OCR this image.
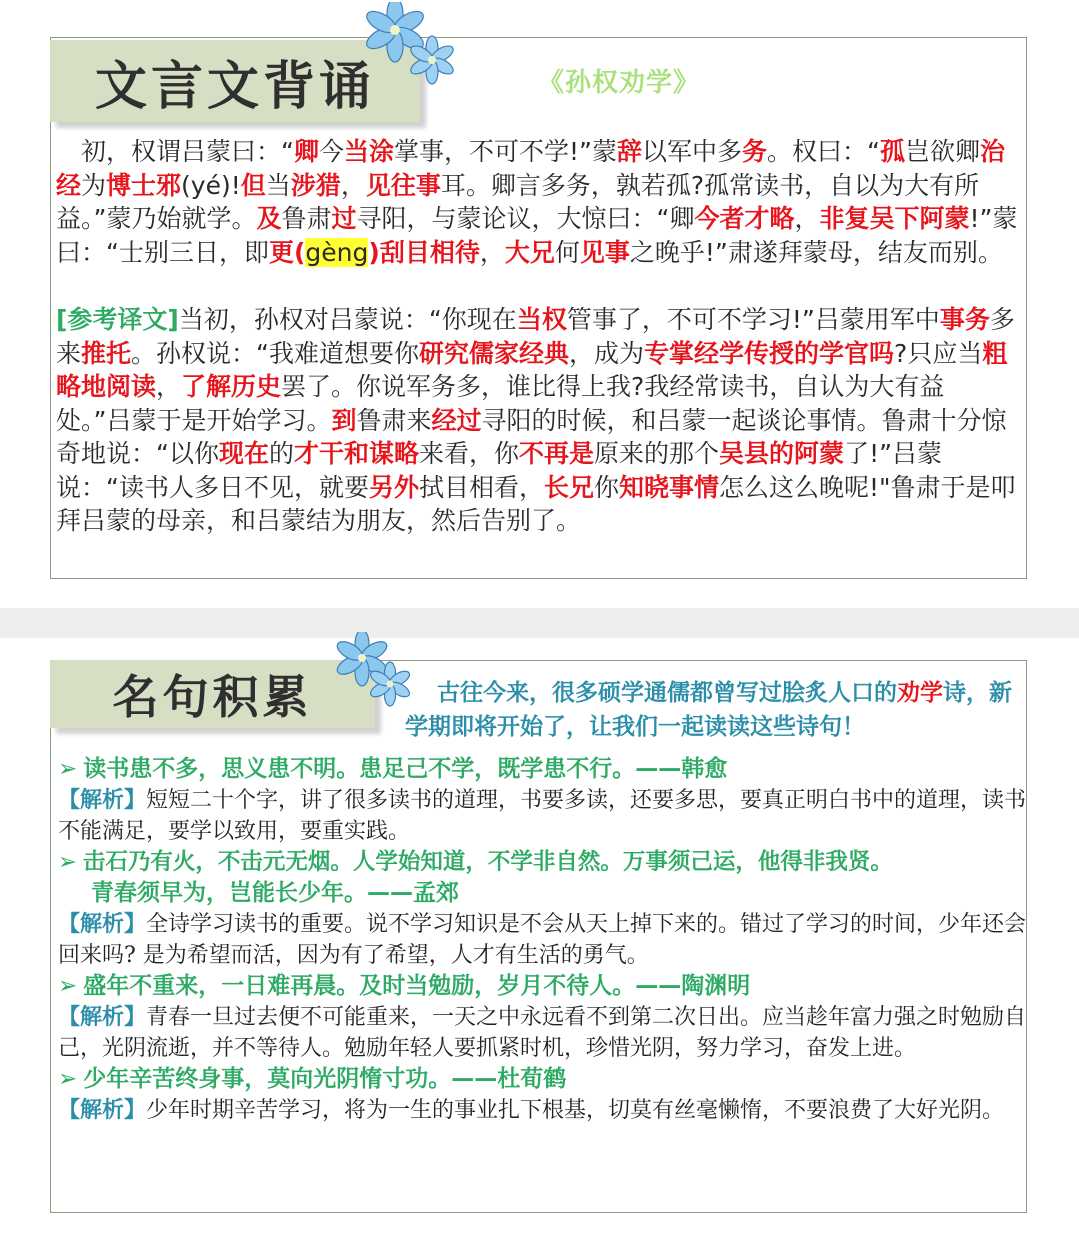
文言文背诵	《孙权劝学》
初，权谓吕蒙曰：“卿今当涂掌事，不可不学!”蒙辞以军中多务。权曰：“孤岂欲卿治经为博士邪(yé)!但当涉猎，见往事耳。卿言多务，孰若孤?孤常读书，自以为大有所益。”蒙乃始就学。及鲁肃过寻阳，与蒙论议，大惊曰：“卿今者才略，非复吴下阿蒙!”蒙曰：“士别三日，即更(gèng)刮目相待，大兄何见事之晚乎!”肃遂拜蒙母，结友而别。
[参考译文]当初，孙权对吕蒙说：“你现在当权管事了，不可不学习!”吕蒙用军中事务多来推托。孙权说：“我难道想要你研究儒家经典，成为专掌经学传授的学官吗?只应当粗略地阅读，了解历史罢了。你说军务多，谁比得上我?我经常读书，自认为大有益处。”吕蒙于是开始学习。到鲁肃来经过寻阳的时候，和吕蒙一起谈论事情。鲁肃十分惊奇地说：“以你现在的才干和谋略来看，你不再是原来的那个吴县的阿蒙了!”吕蒙说：“读书人多日不见，就要另外拭目相看，长兄你知晓事情怎么这么晚呢!"鲁肃于是叩拜吕蒙的母亲，和吕蒙结为朋友，然后告别了。
名句积累	古往今来，很多硕学通儒都曾写过脍炙人口的劝学诗，新学期即将开始了，让我们一起读读这些诗句！
➢ 读书患不多，思义患不明。患足己不学，既学患不行。——韩愈
【解析】短短二十个字，讲了很多读书的道理，书要多读，还要多思，要真正明白书中的道理，读书不能满足，要学以致用，要重实践。
➢ 击石乃有火，不击元无烟。人学始知道，不学非自然。万事须己运，他得非我贤。
青春须早为，岂能长少年。——孟郊
【解析】全诗学习读书的重要。说不学习知识是不会从天上掉下来的。错过了学习的时间，少年还会回来吗? 是为希望而活，因为有了希望，人才有生活的勇气。
➢ 盛年不重来，一日难再晨。及时当勉励，岁月不待人。——陶渊明
【解析】青春一旦过去便不可能重来，一天之中永远看不到第二次日出。应当趁年富力强之时勉励自己，光阴流逝，并不等待人。勉励年轻人要抓紧时机，珍惜光阴，努力学习，奋发上进。
➢ 少年辛苦终身事，莫向光阴惰寸功。——杜荀鹤
【解析】少年时期辛苦学习，将为一生的事业扎下根基，切莫有丝毫懒惰，不要浪费了大好光阴。
